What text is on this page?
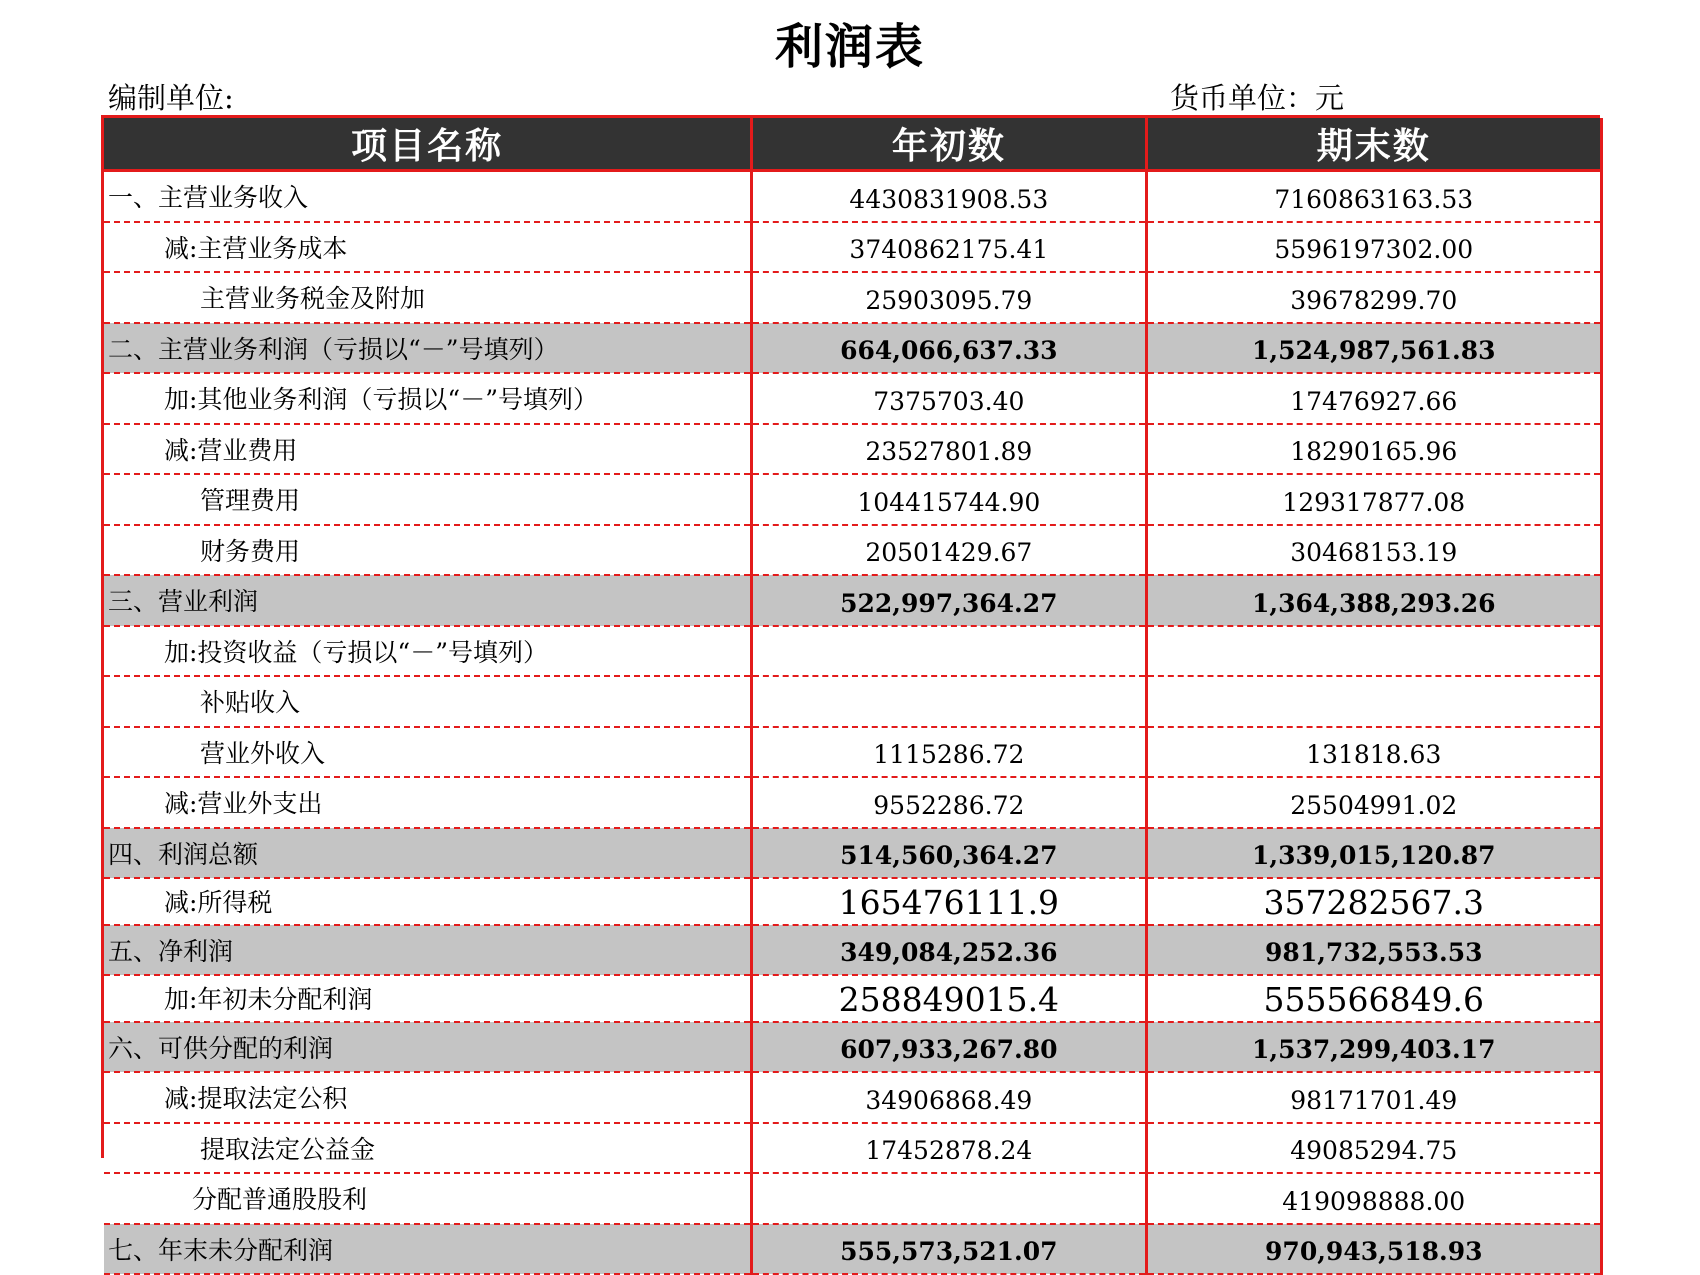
利润表
编制单位:	货币单位：元
项目名称	年初数	期末数
一、主营业务收入	4430831908.53	7160863163.53
减:主营业务成本	3740862175.41	5596197302.00
主营业务税金及附加	25903095.79	39678299.70
二、主营业务利润（亏损以“－”号填列）	664,066,637.33	1,524,987,561.83
加:其他业务利润（亏损以“－”号填列）	7375703.40	17476927.66
减:营业费用	23527801.89	18290165.96
管理费用	104415744.90	129317877.08
财务费用	20501429.67	30468153.19
三、营业利润	522,997,364.27	1,364,388,293.26
加:投资收益（亏损以“－”号填列）		
补贴收入		
营业外收入	1115286.72	131818.63
减:营业外支出	9552286.72	25504991.02
四、利润总额	514,560,364.27	1,339,015,120.87
减:所得税	165476111.9	357282567.3
五、净利润	349,084,252.36	981,732,553.53
加:年初未分配利润	258849015.4	555566849.6
六、可供分配的利润	607,933,267.80	1,537,299,403.17
减:提取法定公积	34906868.49	98171701.49
提取法定公益金	17452878.24	49085294.75
分配普通股股利		419098888.00
七、年末未分配利润	555,573,521.07	970,943,518.93
